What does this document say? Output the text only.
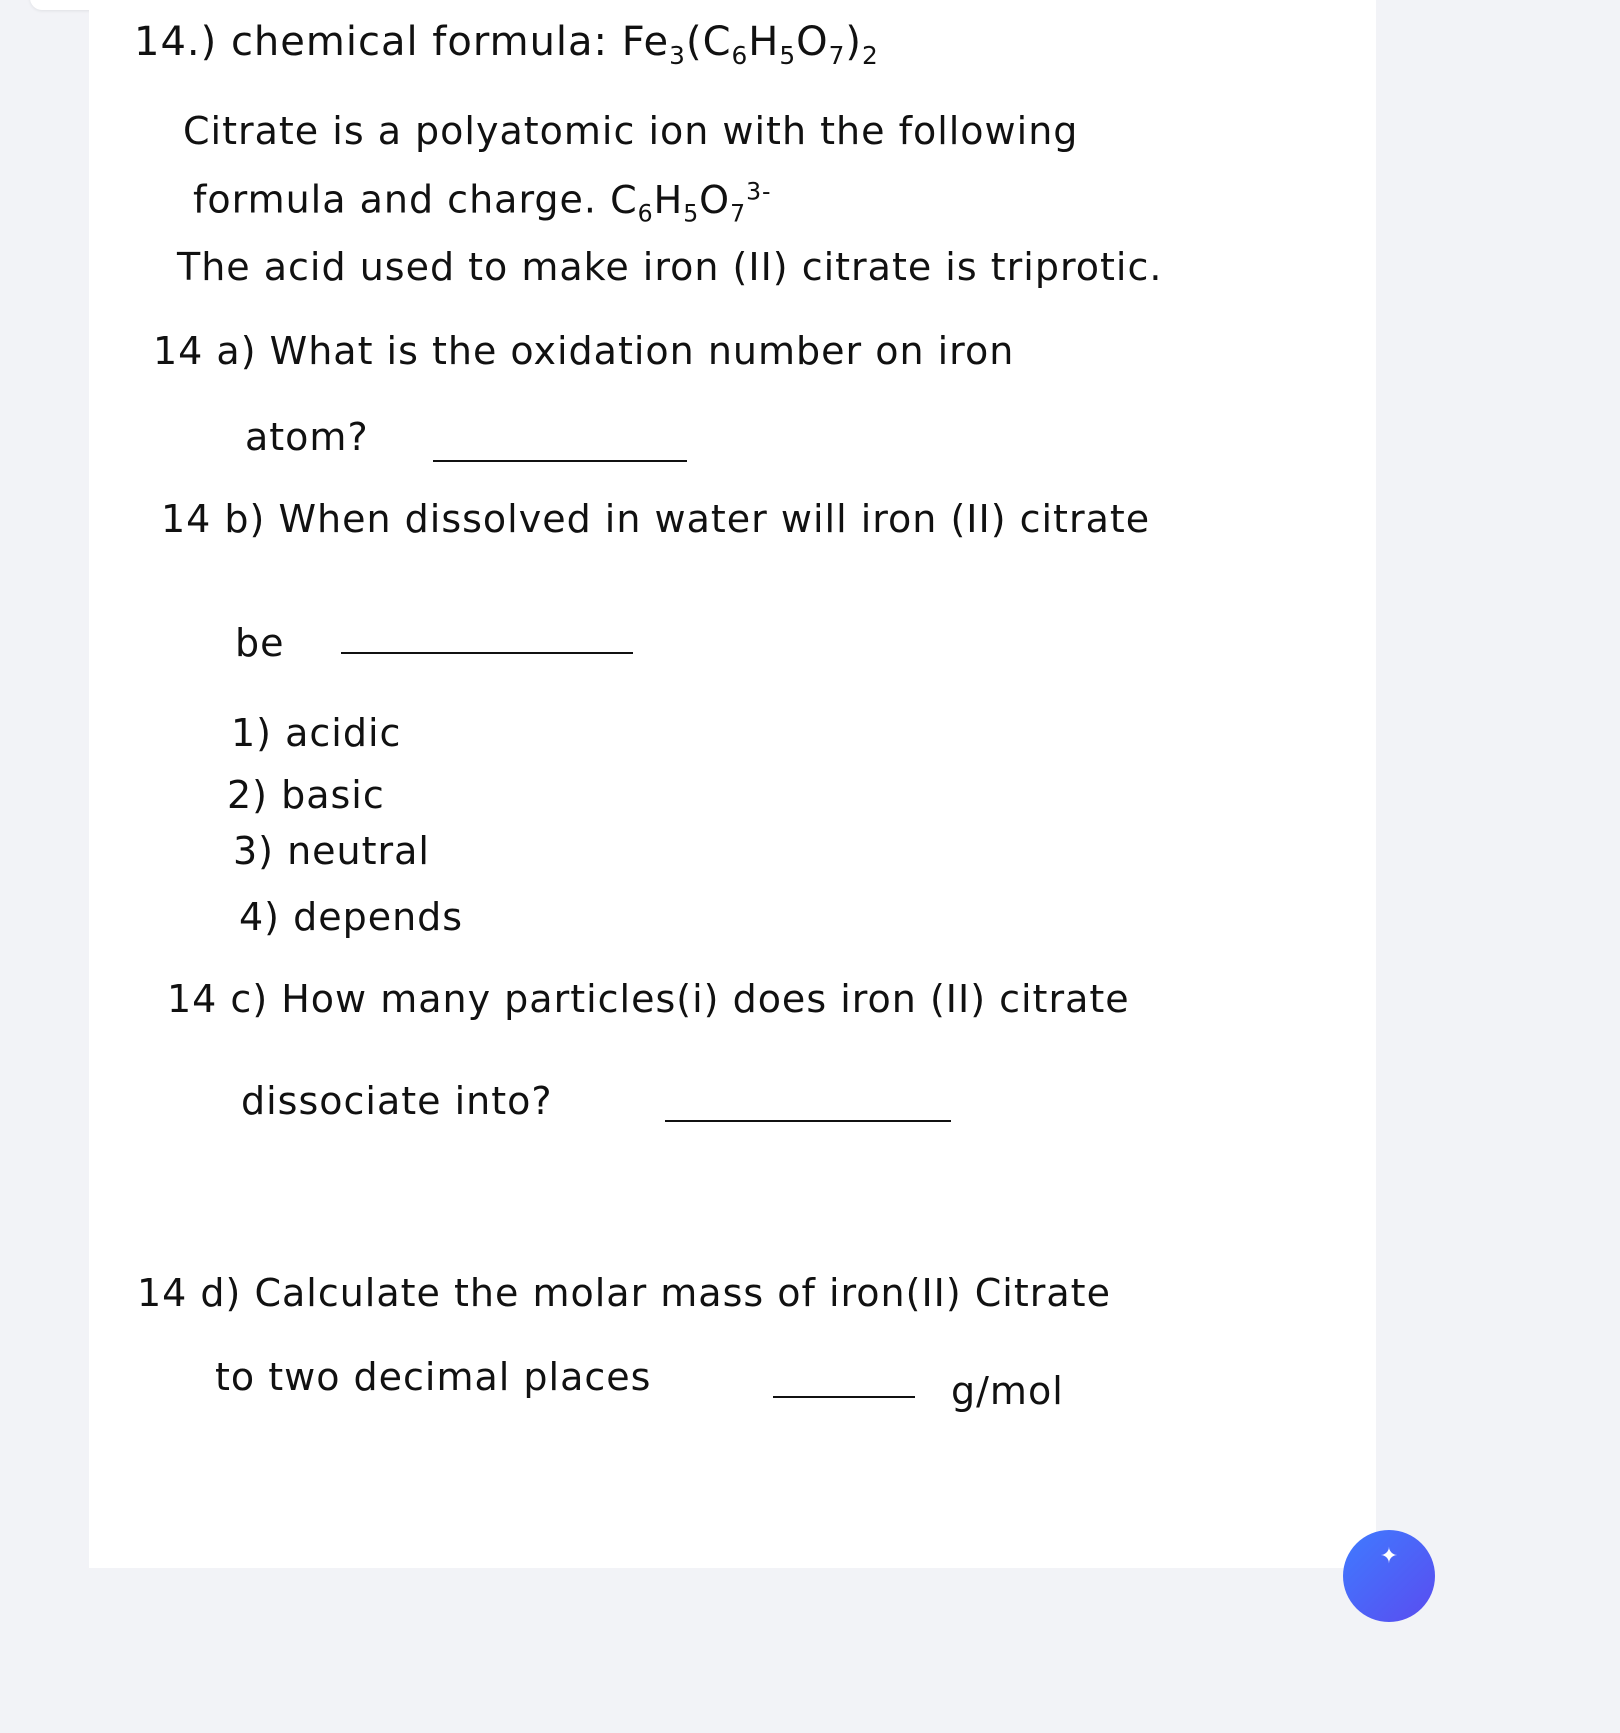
14.) chemical formula: $Fe_3(C_6H_5O_7)_2$
Citrate is a polyatomic ion with the following
formula and charge. $C_6H_5O_7^{3-}$
The acid used to make iron (II) citrate is triprotic.
14 a) What is the oxidation number on iron
atom?
14 b) When dissolved in water will iron (II) citrate
be
1) acidic
2) basic
3) neutral
4) depends
14 c) How many particles(i) does iron (II) citrate
dissociate into?
14 d) Calculate the molar mass of iron(II) Citrate
to two decimal places	g/mol
✦
